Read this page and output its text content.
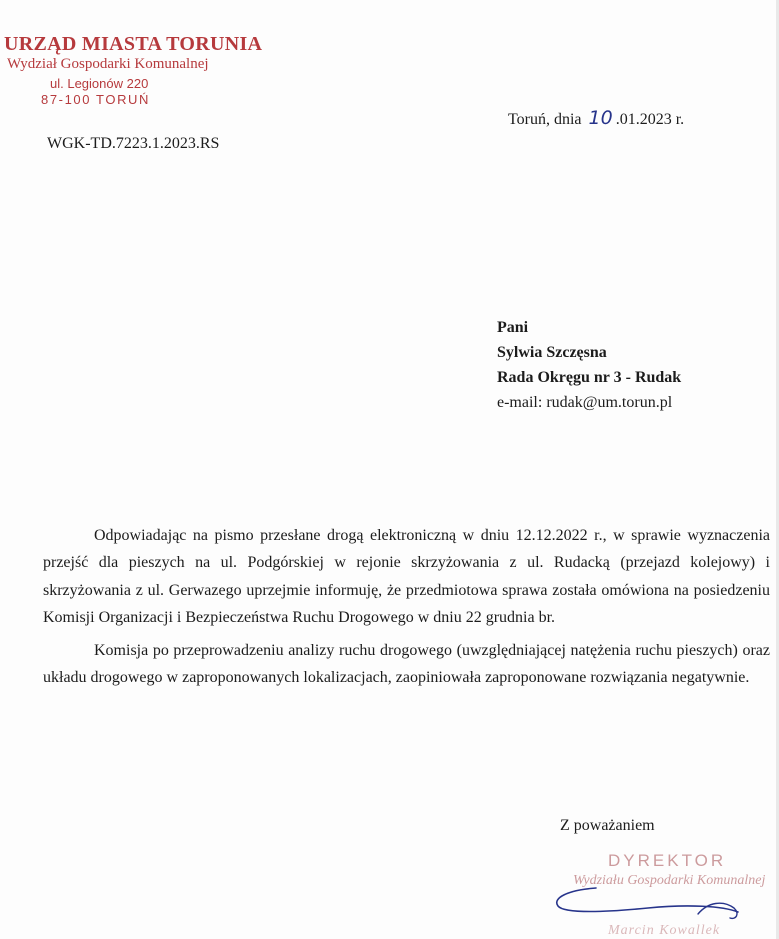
URZĄD MIASTA TORUNIA
Wydział Gospodarki Komunalnej
ul. Legionów 220
87-100 TORUŃ
Toruń, dnia 10 .01.2023 r.
WGK-TD.7223.1.2023.RS
Pani
Sylwia Szczęsna
Rada Okręgu nr 3 - Rudak
e-mail: rudak@um.torun.pl

Odpowiadając na pismo przesłane drogą elektroniczną w dniu 12.12.2022 r., w sprawie wyznaczenia przejść dla pieszych na ul. Podgórskiej w rejonie skrzyżowania z ul. Rudacką (przejazd kolejowy) i skrzyżowania z ul. Gerwazego uprzejmie informuję, że przedmiotowa sprawa została omówiona na posiedzeniu Komisji Organizacji i Bezpieczeństwa Ruchu Drogowego w dniu 22 grudnia br.

Komisja po przeprowadzeniu analizy ruchu drogowego (uwzględniającej natężenia ruchu pieszych) oraz układu drogowego w zaproponowanych lokalizacjach, zaopiniowała zaproponowane rozwiązania negatywnie.

Z poważaniem
DYREKTOR
Wydziału Gospodarki Komunalnej
Marcin Kowallek
